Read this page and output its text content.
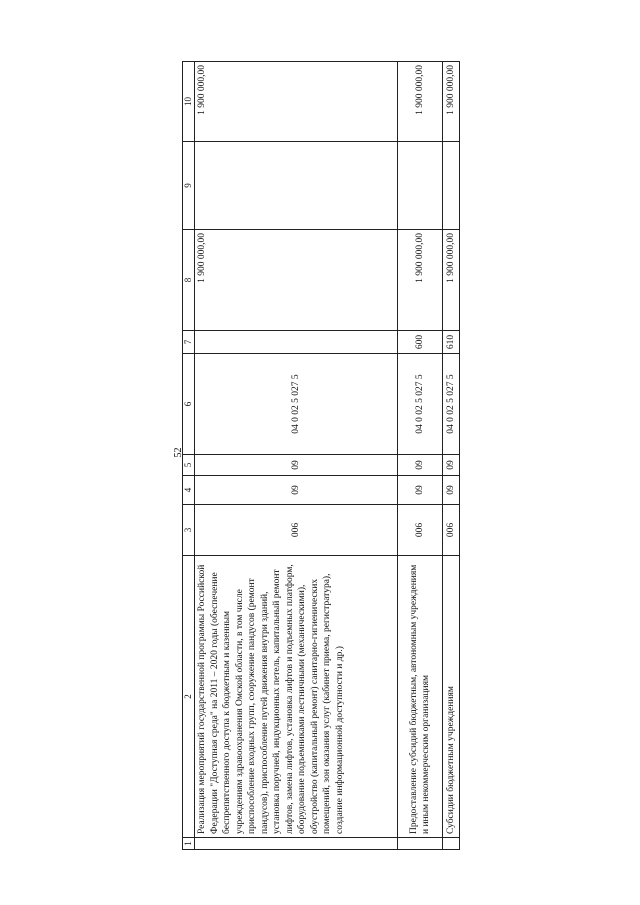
52
1	2	3	4	5	6	7	8	9	10
	Реализация мероприятий государственной программы Российской Федерации "Доступная среда" на 2011 – 2020 годы (обеспечение беспрепятственного доступа к бюджетным и казенным учреждениям здравоохранения Омской области, в том числе приспособление входных групп, сооружение пандусов (ремонт пандусов), приспособление путей движения внутри зданий, установка поручней, индукционных петель, капитальный ремонт лифтов, замена лифтов, установка лифтов и подъемных платформ, оборудование подъемниками лестничными (механическими), обустройство (капитальный ремонт) санитарно-гигиенических помещений, зон оказания услуг (кабинет приема, регистратура), создание информационной доступности и др.)	006	09	09	04 0 02 5 027 5		1 900 000,00		1 900 000,00
	Предоставление субсидий бюджетным, автономным учреждениям и иным некоммерческим организациям	006	09	09	04 0 02 5 027 5	600	1 900 000,00		1 900 000,00
	Субсидии бюджетным учреждениям	006	09	09	04 0 02 5 027 5	610	1 900 000,00		1 900 000,00
